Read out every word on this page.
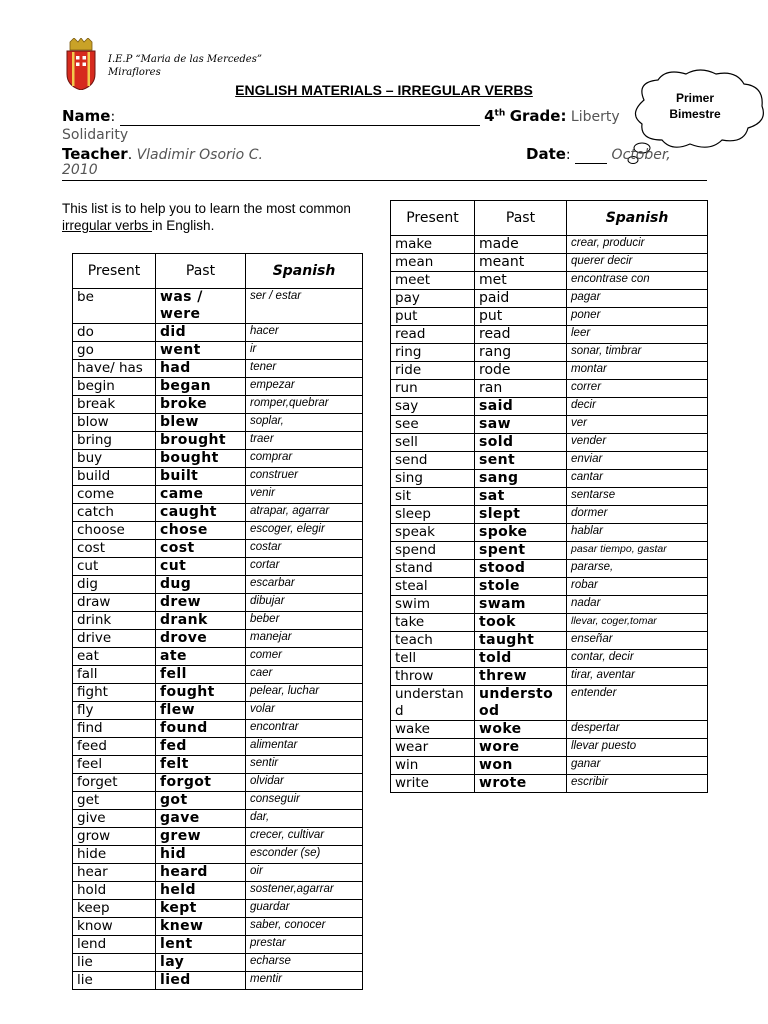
I.E.P “Maria de las Mercedes”
Miraflores
ENGLISH MATERIALS – IRREGULAR VERBS	Primer
Bimestre
Name:	4th Grade: Liberty
Solidarity
Teacher. Vladimir Osorio C.	Date:	October,
2010
This list is to help you to learn the most common irregular verbs in English.
Present	Past	Spanish
be	was / were	ser / estar
do	did	hacer
go	went	ir
have/ has	had	tener
begin	began	empezar
break	broke	romper,quebrar
blow	blew	soplar,
bring	brought	traer
buy	bought	comprar
build	built	construer
come	came	venir
catch	caught	atrapar, agarrar
choose	chose	escoger, elegir
cost	cost	costar
cut	cut	cortar
dig	dug	escarbar
draw	drew	dibujar
drink	drank	beber
drive	drove	manejar
eat	ate	comer
fall	fell	caer
fight	fought	pelear, luchar
fly	flew	volar
find	found	encontrar
feed	fed	alimentar
feel	felt	sentir
forget	forgot	olvidar
get	got	conseguir
give	gave	dar,
grow	grew	crecer, cultivar
hide	hid	esconder (se)
hear	heard	oir
hold	held	sostener,agarrar
keep	kept	guardar
know	knew	saber, conocer
lend	lent	prestar
lie	lay	echarse
lie	lied	mentir
Present	Past	Spanish
make	made	crear, producir
mean	meant	querer decir
meet	met	encontrase con
pay	paid	pagar
put	put	poner
read	read	leer
ring	rang	sonar, timbrar
ride	rode	montar
run	ran	correr
say	said	decir
see	saw	ver
sell	sold	vender
send	sent	enviar
sing	sang	cantar
sit	sat	sentarse
sleep	slept	dormer
speak	spoke	hablar
spend	spent	pasar tiempo, gastar
stand	stood	pararse,
steal	stole	robar
swim	swam	nadar
take	took	llevar, coger,tomar
teach	taught	enseñar
tell	told	contar, decir
throw	threw	tirar, aventar
understand	understood	entender
wake	woke	despertar
wear	wore	llevar puesto
win	won	ganar
write	wrote	escribir
